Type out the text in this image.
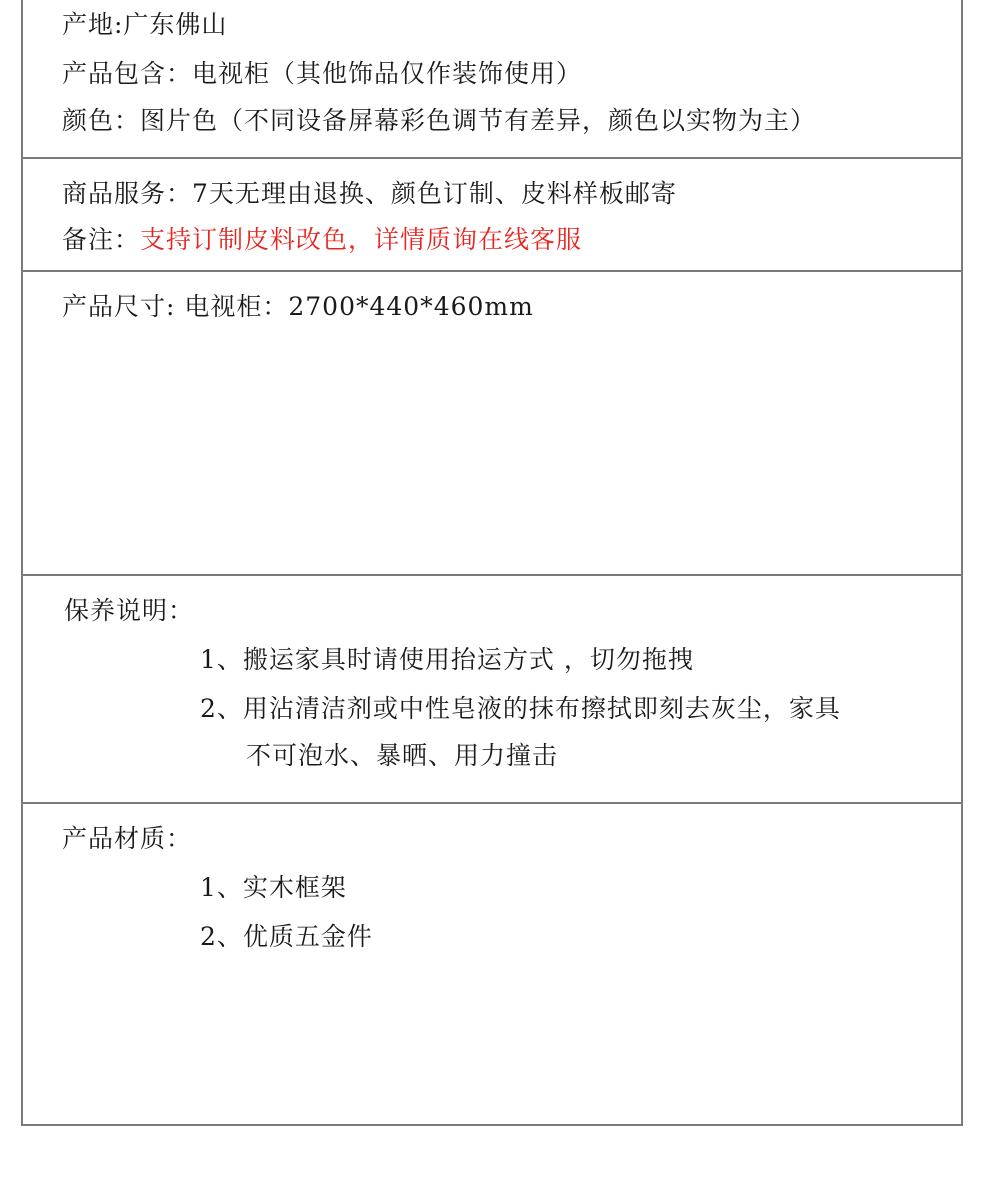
产地:广东佛山
产品包含：电视柜（其他饰品仅作装饰使用）
颜色：图片色（不同设备屏幕彩色调节有差异，颜色以实物为主）
商品服务：7天无理由退换、颜色订制、皮料样板邮寄
备注：支持订制皮料改色，详情质询在线客服
产品尺寸: 电视柜：2700*440*460mm
保养说明：
1、搬运家具时请使用抬运方式 ，切勿拖拽
2、用沾清洁剂或中性皂液的抹布擦拭即刻去灰尘，家具
不可泡水、暴晒、用力撞击
产品材质：
1、实木框架
2、优质五金件
